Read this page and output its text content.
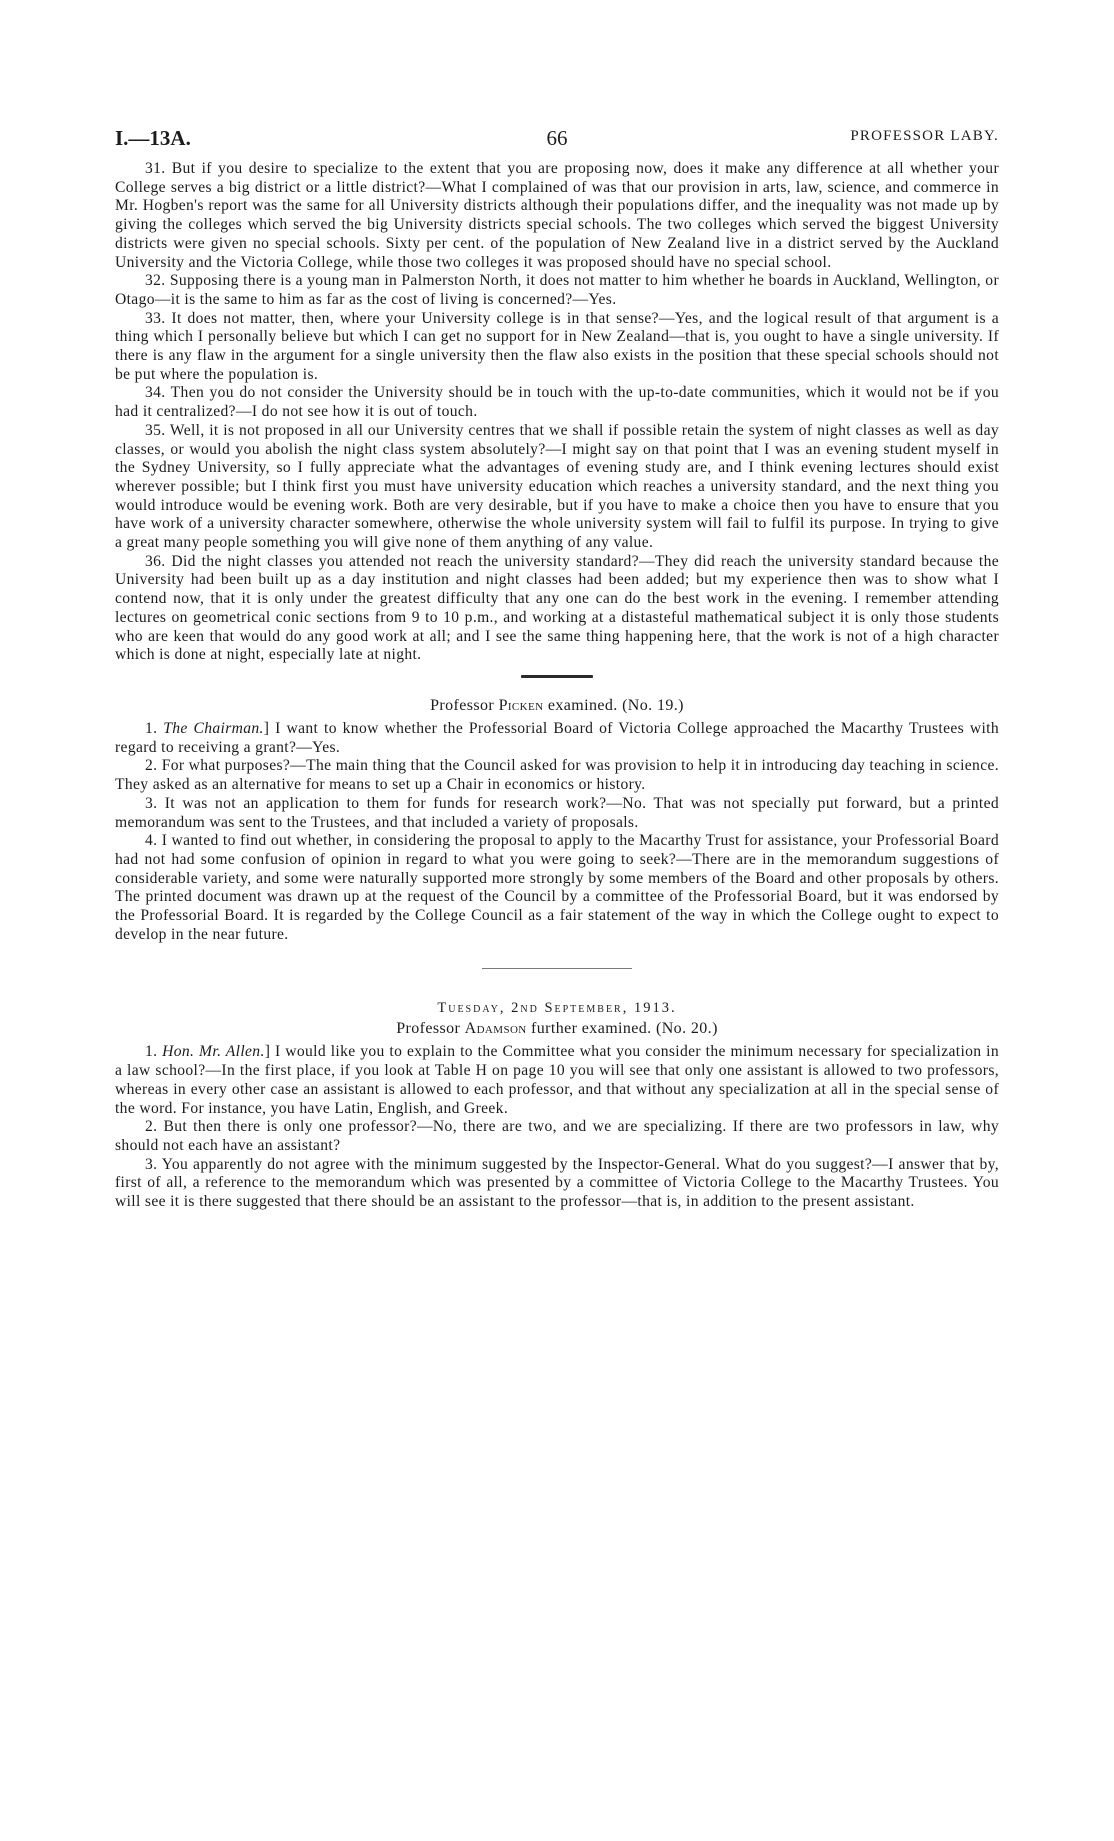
I.—13A.	66	PROFESSOR LABY.

31. But if you desire to specialize to the extent that you are proposing now, does it make any difference at all whether your College serves a big district or a little district?—What I complained of was that our provision in arts, law, science, and commerce in Mr. Hogben's report was the same for all University districts although their populations differ, and the inequality was not made up by giving the colleges which served the big University districts special schools. The two colleges which served the biggest University districts were given no special schools. Sixty per cent. of the population of New Zealand live in a district served by the Auckland University and the Victoria College, while those two colleges it was proposed should have no special school.

32. Supposing there is a young man in Palmerston North, it does not matter to him whether he boards in Auckland, Wellington, or Otago—it is the same to him as far as the cost of living is concerned?—Yes.

33. It does not matter, then, where your University college is in that sense?—Yes, and the logical result of that argument is a thing which I personally believe but which I can get no support for in New Zealand—that is, you ought to have a single university. If there is any flaw in the argument for a single university then the flaw also exists in the position that these special schools should not be put where the population is.

34. Then you do not consider the University should be in touch with the up-to-date communities, which it would not be if you had it centralized?—I do not see how it is out of touch.

35. Well, it is not proposed in all our University centres that we shall if possible retain the system of night classes as well as day classes, or would you abolish the night class system absolutely?—I might say on that point that I was an evening student myself in the Sydney University, so I fully appreciate what the advantages of evening study are, and I think evening lectures should exist wherever possible; but I think first you must have university education which reaches a university standard, and the next thing you would introduce would be evening work. Both are very desirable, but if you have to make a choice then you have to ensure that you have work of a university character somewhere, otherwise the whole university system will fail to fulfil its purpose. In trying to give a great many people something you will give none of them anything of any value.

36. Did the night classes you attended not reach the university standard?—They did reach the university standard because the University had been built up as a day institution and night classes had been added; but my experience then was to show what I contend now, that it is only under the greatest difficulty that any one can do the best work in the evening. I remember attending lectures on geometrical conic sections from 9 to 10 p.m., and working at a distasteful mathematical subject it is only those students who are keen that would do any good work at all; and I see the same thing happening here, that the work is not of a high character which is done at night, especially late at night.

Professor Picken examined. (No. 19.)

1. The Chairman.] I want to know whether the Professorial Board of Victoria College approached the Macarthy Trustees with regard to receiving a grant?—Yes.

2. For what purposes?—The main thing that the Council asked for was provision to help it in introducing day teaching in science. They asked as an alternative for means to set up a Chair in economics or history.

3. It was not an application to them for funds for research work?—No. That was not specially put forward, but a printed memorandum was sent to the Trustees, and that included a variety of proposals.

4. I wanted to find out whether, in considering the proposal to apply to the Macarthy Trust for assistance, your Professorial Board had not had some confusion of opinion in regard to what you were going to seek?—There are in the memorandum suggestions of considerable variety, and some were naturally supported more strongly by some members of the Board and other proposals by others. The printed document was drawn up at the request of the Council by a committee of the Professorial Board, but it was endorsed by the Professorial Board. It is regarded by the College Council as a fair statement of the way in which the College ought to expect to develop in the near future.

Tuesday, 2nd September, 1913.
Professor Adamson further examined. (No. 20.)

1. Hon. Mr. Allen.] I would like you to explain to the Committee what you consider the minimum necessary for specialization in a law school?—In the first place, if you look at Table H on page 10 you will see that only one assistant is allowed to two professors, whereas in every other case an assistant is allowed to each professor, and that without any specialization at all in the special sense of the word. For instance, you have Latin, English, and Greek.

2. But then there is only one professor?—No, there are two, and we are specializing. If there are two professors in law, why should not each have an assistant?

3. You apparently do not agree with the minimum suggested by the Inspector-General. What do you suggest?—I answer that by, first of all, a reference to the memorandum which was presented by a committee of Victoria College to the Macarthy Trustees. You will see it is there suggested that there should be an assistant to the professor—that is, in addition to the present assistant.
